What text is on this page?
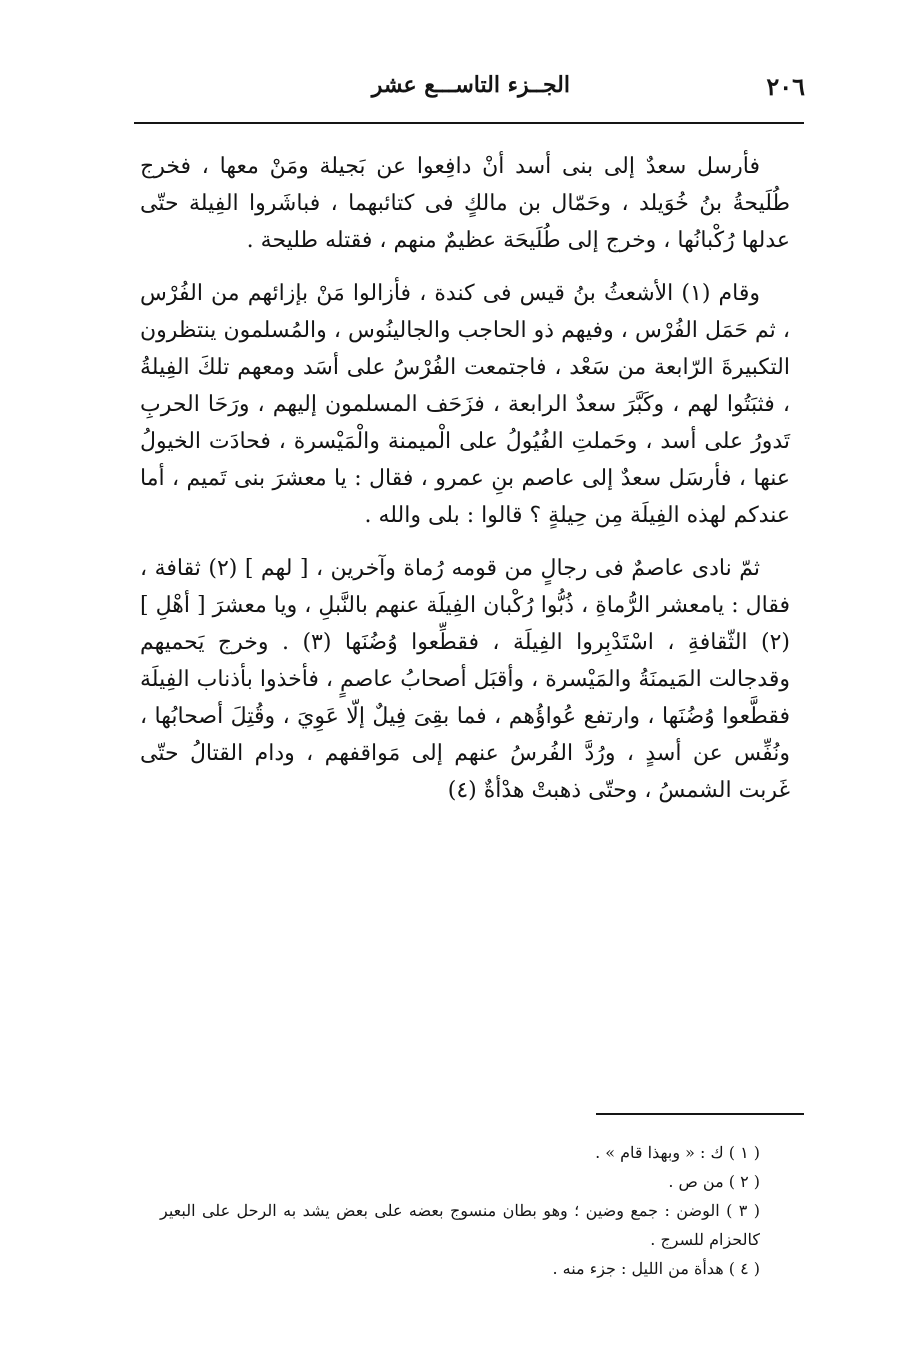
٢٠٦
الجــزء التاســـع عشر

فأرسل سعدٌ إلى بنى أسد أنْ دافِعوا عن بَجيلة ومَنْ معها ، فخرج طُلَيحةُ بنُ خُوَيلد ، وحَمّال بن مالكٍ فى كتائبهما ، فباشَروا الفِيلة حتّى عدلها رُكْبانُها ، وخرج إلى طُلَيحَة عظيمٌ منهم ، فقتله طليحة .

وقام (١) الأشعثُ بنُ قيس فى كندة ، فأزالوا مَنْ بإزائهم من الفُرْس ، ثم حَمَل الفُرْس ، وفيهم ذو الحاجب والجالينُوس ، والمُسلمون ينتظرون التكبيرةَ الرّابعة من سَعْد ، فاجتمعت الفُرْسُ على أسَد ومعهم تلكَ الفِيلةُ ، فثبَتُوا لهم ، وكَبَّرَ سعدٌ الرابعة ، فزَحَف المسلمون إليهم ، ورَحَا الحربِ تَدورُ على أسد ، وحَملتِ الفُيُولُ على الْميمنة والْمَيْسرة ، فحادَت الخيولُ عنها ، فأرسَل سعدٌ إلى عاصم بنِ عمرو ، فقال : يا معشرَ بنى تَميم ، أما عندكم لهذه الفِيلَة مِن حِيلةٍ ؟ قالوا : بلى والله .

ثمّ نادى عاصمٌ فى رجالٍ من قومه رُماة وآخرين ، [ لهم ] (٢) ثقافة ، فقال : يامعشر الرُّماةِ ، ذُبُّوا رُكْبان الفِيلَة عنهم بالنَّبلِ ، ويا معشرَ [ أهْلِ ] (٢) الثّقافةِ ، اسْتَدْبِروا الفِيلَة ، فقطِّعوا وُضُنَها (٣) . وخرج يَحميهم وقدجالت المَيمنَةُ والمَيْسرة ، وأقبَل أصحابُ عاصمٍ ، فأخذوا بأذناب الفِيلَة فقطَّعوا وُضُنَها ، وارتفع عُواؤُهم ، فما بقِىَ فِيلٌ إلّا عَوِيَ ، وقُتِلَ أصحابُها ، ونُفِّس عن أسدٍ ، ورُدَّ الفُرسُ عنهم إلى مَواقفهم ، ودام القتالُ حتّى غَربت الشمسُ ، وحتّى ذهبتْ هدْأةٌ (٤)

( ١ ) ك : « وبهذا قام » .

( ٢ ) من ص .

( ٣ ) الوضن : جمع وضين ؛ وهو بطان منسوج بعضه على بعض يشد به الرحل على البعير كالحزام للسرج .

( ٤ ) هدأة من الليل : جزء منه .
